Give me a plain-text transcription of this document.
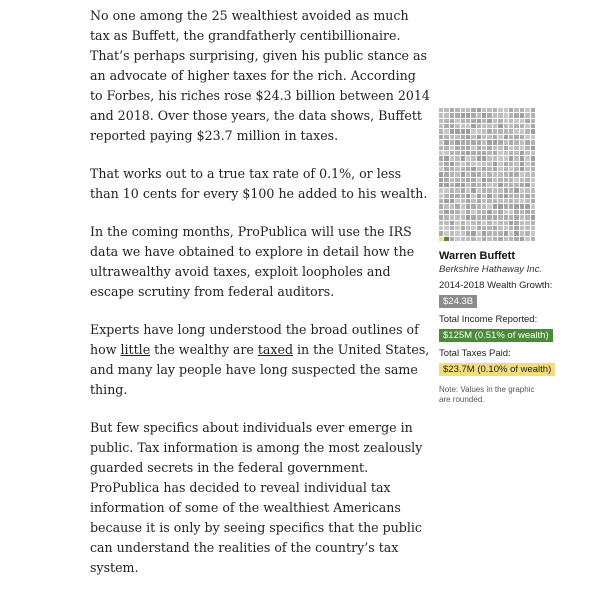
No one among the 25 wealthiest avoided as much tax as Buffett, the grandfatherly centibillionaire. That’s perhaps surprising, given his public stance as an advocate of higher taxes for the rich. According to Forbes, his riches rose $24.3 billion between 2014 and 2018. Over those years, the data shows, Buffett reported paying $23.7 million in taxes.

That works out to a true tax rate of 0.1%, or less than 10 cents for every $100 he added to his wealth.

In the coming months, ProPublica will use the IRS data we have obtained to explore in detail how the ultrawealthy avoid taxes, exploit loopholes and escape scrutiny from federal auditors.

Experts have long understood the broad outlines of how little the wealthy are taxed in the United States, and many lay people have long suspected the same thing.

But few specifics about individuals ever emerge in public. Tax information is among the most zealously guarded secrets in the federal government. ProPublica has decided to reveal individual tax information of some of the wealthiest Americans because it is only by seeing specifics that the public can understand the realities of the country’s tax system.

Warren Buffett
Berkshire Hathaway Inc.
2014-2018 Wealth Growth:
$24.3B
Total Income Reported:
$125M (0.51% of wealth)
Total Taxes Paid:
$23.7M (0.10% of wealth)
Note: Values in the graphic are rounded.
